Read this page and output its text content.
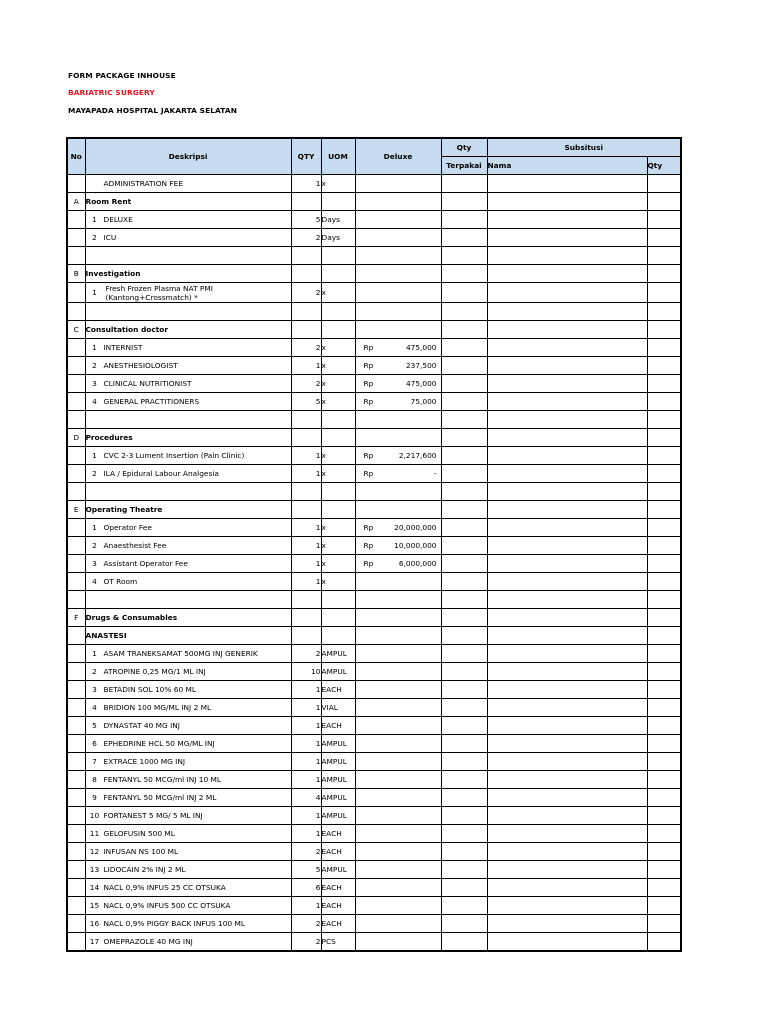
FORM PACKAGE INHOUSE
BARIATRIC SURGERY
MAYAPADA HOSPITAL JAKARTA SELATAN
No	Deskripsi	QTY	UOM	Deluxe	Qty	Subsitusi	
					Terpakai	Nama	Qty
	ADMINISTRATION FEE	1	x	

A	Room Rent						
	1 DELUXE	5	Days	

	2 ICU	2	Days	

B	Investigation						

	1 Fresh Frozen Plasma NAT PMI (Kantong+Crossmatch) *	2	x	

C	Consultation doctor						
	1 INTERNIST	2	x	Rp 475,000			

	2 ANESTHESIOLOGIST	1	x	Rp 237,500			

	3 CLINICAL NUTRITIONIST	2	x	Rp 475,000			

	4 GENERAL PRACTITIONERS	5	x	Rp 75,000			

D	Procedures						
	1 CVC 2-3 Lument Insertion (Pain Clinic)	1	x	Rp 2,217,600			

	2 ILA / Epidural Labour Analgesia	1	x	Rp -			

E	Operating Theatre						
	1 Operator Fee	1	x	Rp 20,000,000			

	2 Anaesthesist Fee	1	x	Rp 10,000,000			

	3 Assistant Operator Fee	1	x	Rp 6,000,000			

	4 OT Room	1	x	

F	Drugs & Consumables						
	ANASTESI						
	1 ASAM TRANEKSAMAT 500MG INJ GENERIK	2	AMPUL	

	2 ATROPINE 0,25 MG/1 ML INJ	10	AMPUL	

	3 BETADIN SOL 10% 60 ML	1	EACH	

	4 BRIDION 100 MG/ML INJ 2 ML	1	VIAL	

	5 DYNASTAT 40 MG INJ	1	EACH	

	6 EPHEDRINE HCL 50 MG/ML INJ	1	AMPUL	

	7 EXTRACE 1000 MG INJ	1	AMPUL	

	8 FENTANYL 50 MCG/ml INJ 10 ML	1	AMPUL	

	9 FENTANYL 50 MCG/ml INJ 2 ML	4	AMPUL	

	10 FORTANEST 5 MG/ 5 ML INJ	1	AMPUL	

	11 GELOFUSIN 500 ML	1	EACH	

	12 INFUSAN NS 100 ML	2	EACH	

	13 LIDOCAIN 2% INJ 2 ML	5	AMPUL	

	14 NACL 0,9% INFUS 25 CC OTSUKA	6	EACH	

	15 NACL 0,9% INFUS 500 CC OTSUKA	1	EACH	

	16 NACL 0,9% PIGGY BACK INFUS 100 ML	2	EACH	

	17 OMEPRAZOLE 40 MG INJ	2	PCS	
